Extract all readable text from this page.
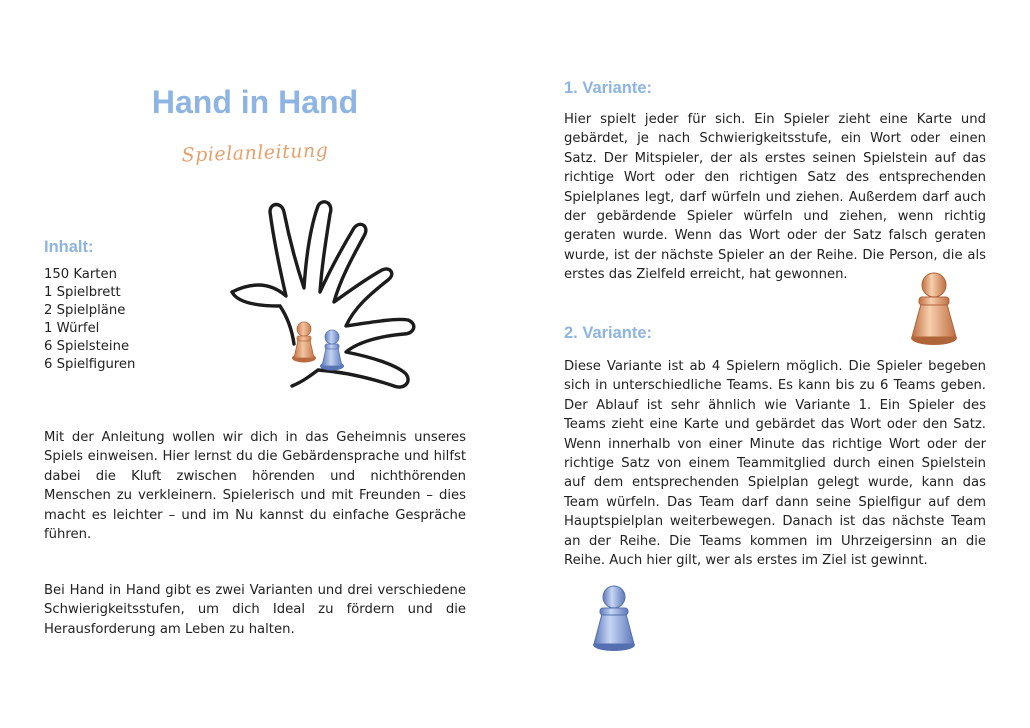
Hand in Hand
Spielanleitung
Inhalt:
150 Karten
1 Spielbrett
2 Spielpläne
1 Würfel
6 Spielsteine
6 Spielfiguren

Mit der Anleitung wollen wir dich in das Geheimnis unseres Spiels einweisen. Hier lernst du die Gebärdensprache und hilfst dabei die Kluft zwischen hörenden und nichthörenden Menschen zu verkleinern. Spielerisch und mit Freunden – dies macht es leichter – und im Nu kannst du einfache Gespräche führen.

Bei Hand in Hand gibt es zwei Varianten und drei verschiedene Schwierigkeitsstufen, um dich Ideal zu fördern und die Herausforderung am Leben zu halten.

1. Variante:

Hier spielt jeder für sich. Ein Spieler zieht eine Karte und gebärdet, je nach Schwierigkeitsstufe, ein Wort oder einen Satz. Der Mitspieler, der als erstes seinen Spielstein auf das richtige Wort oder den richtigen Satz des entsprechenden Spielplanes legt, darf würfeln und ziehen. Außerdem darf auch der gebärdende Spieler würfeln und ziehen, wenn richtig geraten wurde. Wenn das Wort oder der Satz falsch geraten wurde, ist der nächste Spieler an der Reihe. Die Person, die als erstes das Zielfeld erreicht, hat gewonnen.

2. Variante:

Diese Variante ist ab 4 Spielern möglich. Die Spieler begeben sich in unterschiedliche Teams. Es kann bis zu 6 Teams geben. Der Ablauf ist sehr ähnlich wie Variante 1. Ein Spieler des Teams zieht eine Karte und gebärdet das Wort oder den Satz. Wenn innerhalb von einer Minute das richtige Wort oder der richtige Satz von einem Teammitglied durch einen Spielstein auf dem entsprechenden Spielplan gelegt wurde, kann das Team würfeln. Das Team darf dann seine Spielfigur auf dem Hauptspielplan weiterbewegen. Danach ist das nächste Team an der Reihe. Die Teams kommen im Uhrzeigersinn an die Reihe. Auch hier gilt, wer als erstes im Ziel ist gewinnt.
